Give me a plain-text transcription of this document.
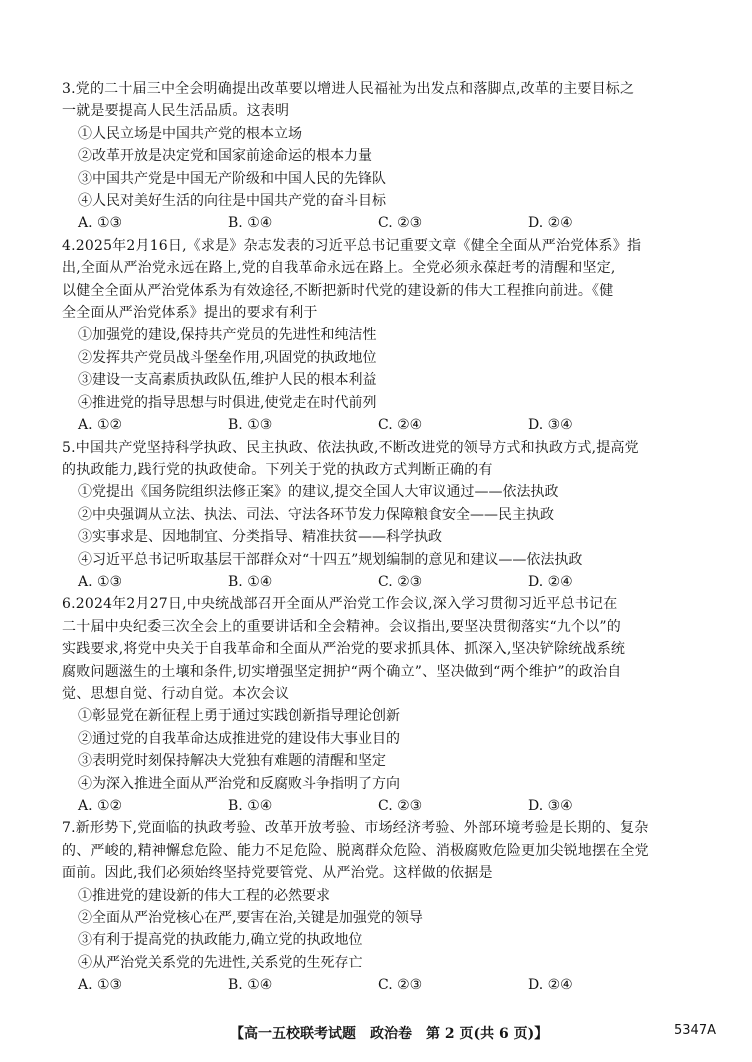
3.党的二十届三中全会明确提出改革要以增进人民福祉为出发点和落脚点,改革的主要目标之
一就是要提高人民生活品质。这表明
①人民立场是中国共产党的根本立场
②改革开放是决定党和国家前途命运的根本力量
③中国共产党是中国无产阶级和中国人民的先锋队
④人民对美好生活的向往是中国共产党的奋斗目标
A. ①③	B. ①④	C. ②③	D. ②④
4.2025年2月16日,《求是》杂志发表的习近平总书记重要文章《健全全面从严治党体系》指
出,全面从严治党永远在路上,党的自我革命永远在路上。全党必须永葆赶考的清醒和坚定,
以健全全面从严治党体系为有效途径,不断把新时代党的建设新的伟大工程推向前进。《健
全全面从严治党体系》提出的要求有利于
①加强党的建设,保持共产党员的先进性和纯洁性
②发挥共产党员战斗堡垒作用,巩固党的执政地位
③建设一支高素质执政队伍,维护人民的根本利益
④推进党的指导思想与时俱进,使党走在时代前列
A. ①②	B. ①③	C. ②④	D. ③④
5.中国共产党坚持科学执政、民主执政、依法执政,不断改进党的领导方式和执政方式,提高党
的执政能力,践行党的执政使命。下列关于党的执政方式判断正确的有
①党提出《国务院组织法修正案》的建议,提交全国人大审议通过——依法执政
②中央强调从立法、执法、司法、守法各环节发力保障粮食安全——民主执政
③实事求是、因地制宜、分类指导、精准扶贫——科学执政
④习近平总书记听取基层干部群众对“十四五”规划编制的意见和建议——依法执政
A. ①③	B. ①④	C. ②③	D. ②④
6.2024年2月27日,中央统战部召开全面从严治党工作会议,深入学习贯彻习近平总书记在
二十届中央纪委三次全会上的重要讲话和全会精神。会议指出,要坚决贯彻落实“九个以”的
实践要求,将党中央关于自我革命和全面从严治党的要求抓具体、抓深入,坚决铲除统战系统
腐败问题滋生的土壤和条件,切实增强坚定拥护“两个确立”、坚决做到“两个维护”的政治自
觉、思想自觉、行动自觉。本次会议
①彰显党在新征程上勇于通过实践创新指导理论创新
②通过党的自我革命达成推进党的建设伟大事业目的
③表明党时刻保持解决大党独有难题的清醒和坚定
④为深入推进全面从严治党和反腐败斗争指明了方向
A. ①②	B. ①④	C. ②③	D. ③④
7.新形势下,党面临的执政考验、改革开放考验、市场经济考验、外部环境考验是长期的、复杂
的、严峻的,精神懈怠危险、能力不足危险、脱离群众危险、消极腐败危险更加尖锐地摆在全党
面前。因此,我们必须始终坚持党要管党、从严治党。这样做的依据是
①推进党的建设新的伟大工程的必然要求
②全面从严治党核心在严,要害在治,关键是加强党的领导
③有利于提高党的执政能力,确立党的执政地位
④从严治党关系党的先进性,关系党的生死存亡
A. ①③	B. ①④	C. ②③	D. ②④
【高一五校联考试题　政治卷　第 2 页(共 6 页)】	5347A
